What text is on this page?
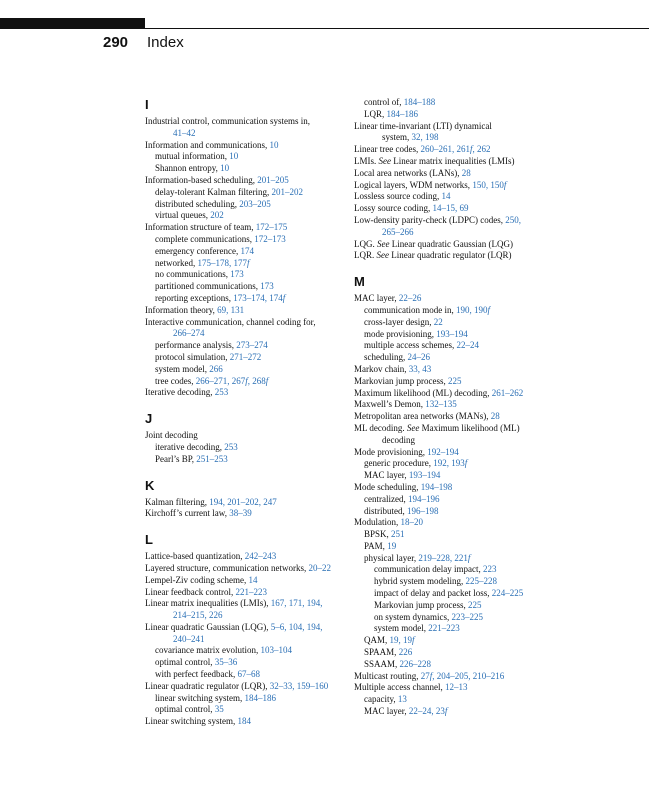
290 Index
I
Industrial control, communication systems in,
41–42
Information and communications, 10
mutual information, 10
Shannon entropy, 10
Information-based scheduling, 201–205
delay-tolerant Kalman filtering, 201–202
distributed scheduling, 203–205
virtual queues, 202
Information structure of team, 172–175
complete communications, 172–173
emergency conference, 174
networked, 175–178, 177f
no communications, 173
partitioned communications, 173
reporting exceptions, 173–174, 174f
Information theory, 69, 131
Interactive communication, channel coding for,
266–274
performance analysis, 273–274
protocol simulation, 271–272
system model, 266
tree codes, 266–271, 267f, 268f
Iterative decoding, 253
J
Joint decoding
iterative decoding, 253
Pearl’s BP, 251–253
K
Kalman filtering, 194, 201–202, 247
Kirchoff’s current law, 38–39
L
Lattice-based quantization, 242–243
Layered structure, communication networks, 20–22
Lempel-Ziv coding scheme, 14
Linear feedback control, 221–223
Linear matrix inequalities (LMIs), 167, 171, 194,
214–215, 226
Linear quadratic Gaussian (LQG), 5–6, 104, 194,
240–241
covariance matrix evolution, 103–104
optimal control, 35–36
with perfect feedback, 67–68
Linear quadratic regulator (LQR), 32–33, 159–160
linear switching system, 184–186
optimal control, 35
Linear switching system, 184
control of, 184–188
LQR, 184–186
Linear time-invariant (LTI) dynamical
system, 32, 198
Linear tree codes, 260–261, 261f, 262
LMIs. See Linear matrix inequalities (LMIs)
Local area networks (LANs), 28
Logical layers, WDM networks, 150, 150f
Lossless source coding, 14
Lossy source coding, 14–15, 69
Low-density parity-check (LDPC) codes, 250,
265–266
LQG. See Linear quadratic Gaussian (LQG)
LQR. See Linear quadratic regulator (LQR)
M
MAC layer, 22–26
communication mode in, 190, 190f
cross-layer design, 22
mode provisioning, 193–194
multiple access schemes, 22–24
scheduling, 24–26
Markov chain, 33, 43
Markovian jump process, 225
Maximum likelihood (ML) decoding, 261–262
Maxwell’s Demon, 132–135
Metropolitan area networks (MANs), 28
ML decoding. See Maximum likelihood (ML)
decoding
Mode provisioning, 192–194
generic procedure, 192, 193f
MAC layer, 193–194
Mode scheduling, 194–198
centralized, 194–196
distributed, 196–198
Modulation, 18–20
BPSK, 251
PAM, 19
physical layer, 219–228, 221f
communication delay impact, 223
hybrid system modeling, 225–228
impact of delay and packet loss, 224–225
Markovian jump process, 225
on system dynamics, 223–225
system model, 221–223
QAM, 19, 19f
SPAAM, 226
SSAAM, 226–228
Multicast routing, 27f, 204–205, 210–216
Multiple access channel, 12–13
capacity, 13
MAC layer, 22–24, 23f
